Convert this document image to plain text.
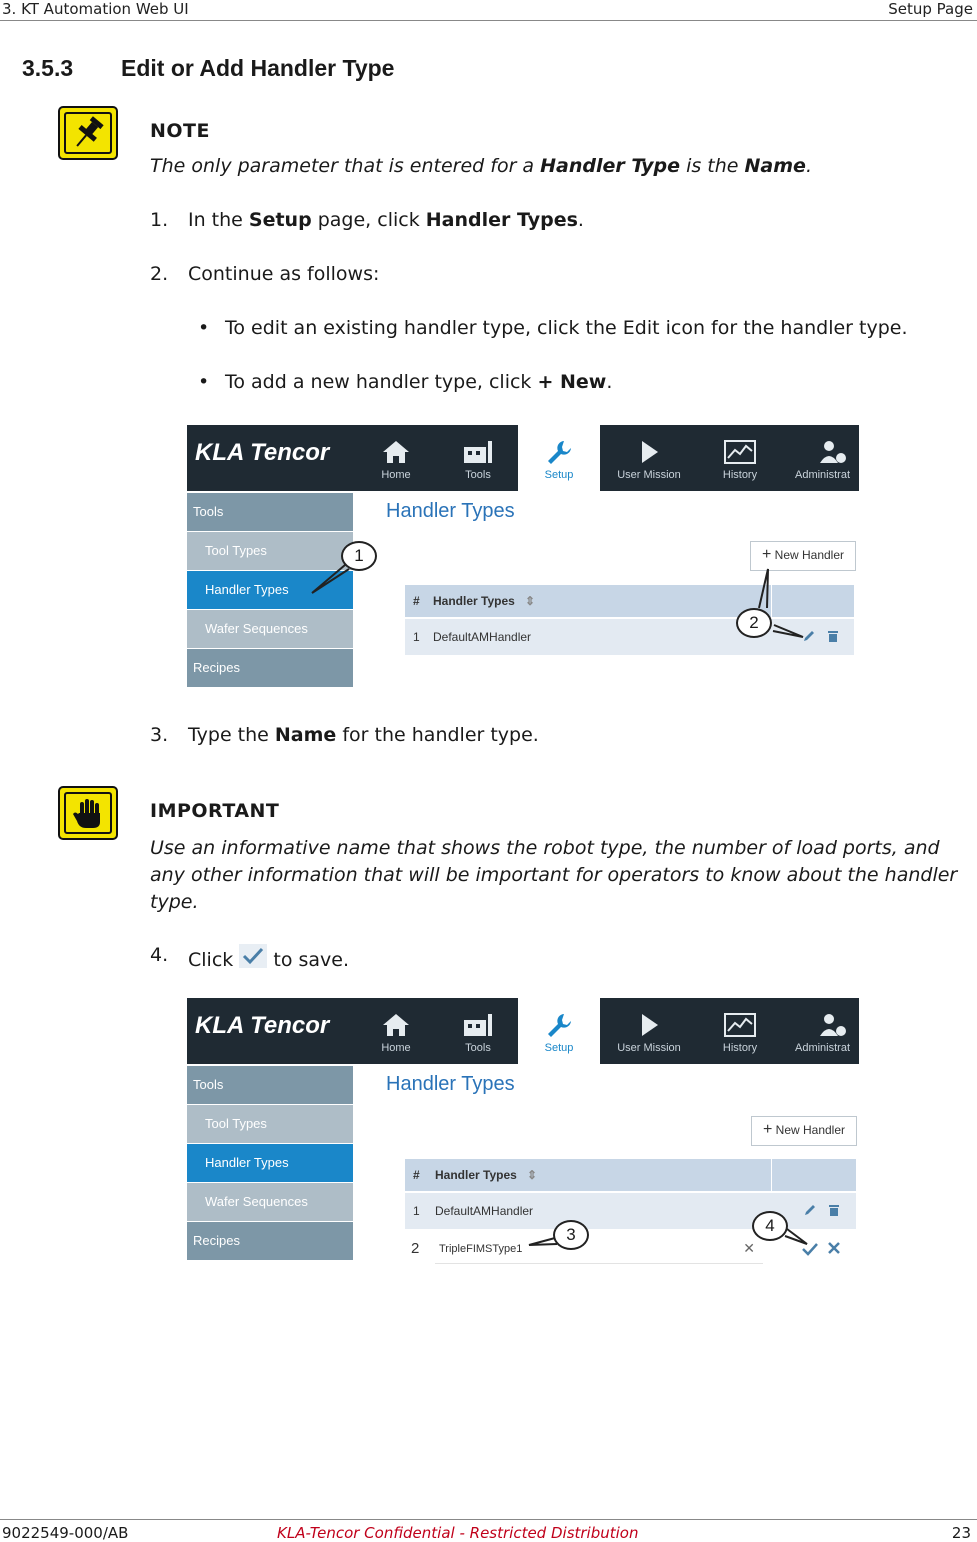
3. KT Automation Web UI	Setup Page
3.5.3 Edit or Add Handler Type
NOTE
The only parameter that is entered for a Handler Type is the Name.
1. In the Setup page, click Handler Types.
2. Continue as follows:
• To edit an existing handler type, click the Edit icon for the handler type.
• To add a new handler type, click + New.
KLA Tencor
Home	Tools	Setup	User Mission	History	Administrat
Tools
Tool Types
Handler Types
Wafer Sequences
Recipes
Handler Types
+ New Handler
# Handler Types ⇕
1 DefaultAMHandler
1
2
3. Type the Name for the handler type.
IMPORTANT
Use an informative name that shows the robot type, the number of load ports, and any other information that will be important for operators to know about the handler type.
4. Click  to save.
KLA Tencor
Home	Tools	Setup	User Mission	History	Administrat
Tools
Tool Types
Handler Types
Wafer Sequences
Recipes
Handler Types
+ New Handler
# Handler Types ⇕
1 DefaultAMHandler
2 TripleFIMSType1	✕
3	4
9022549-000/AB	KLA-Tencor Confidential - Restricted Distribution	23
